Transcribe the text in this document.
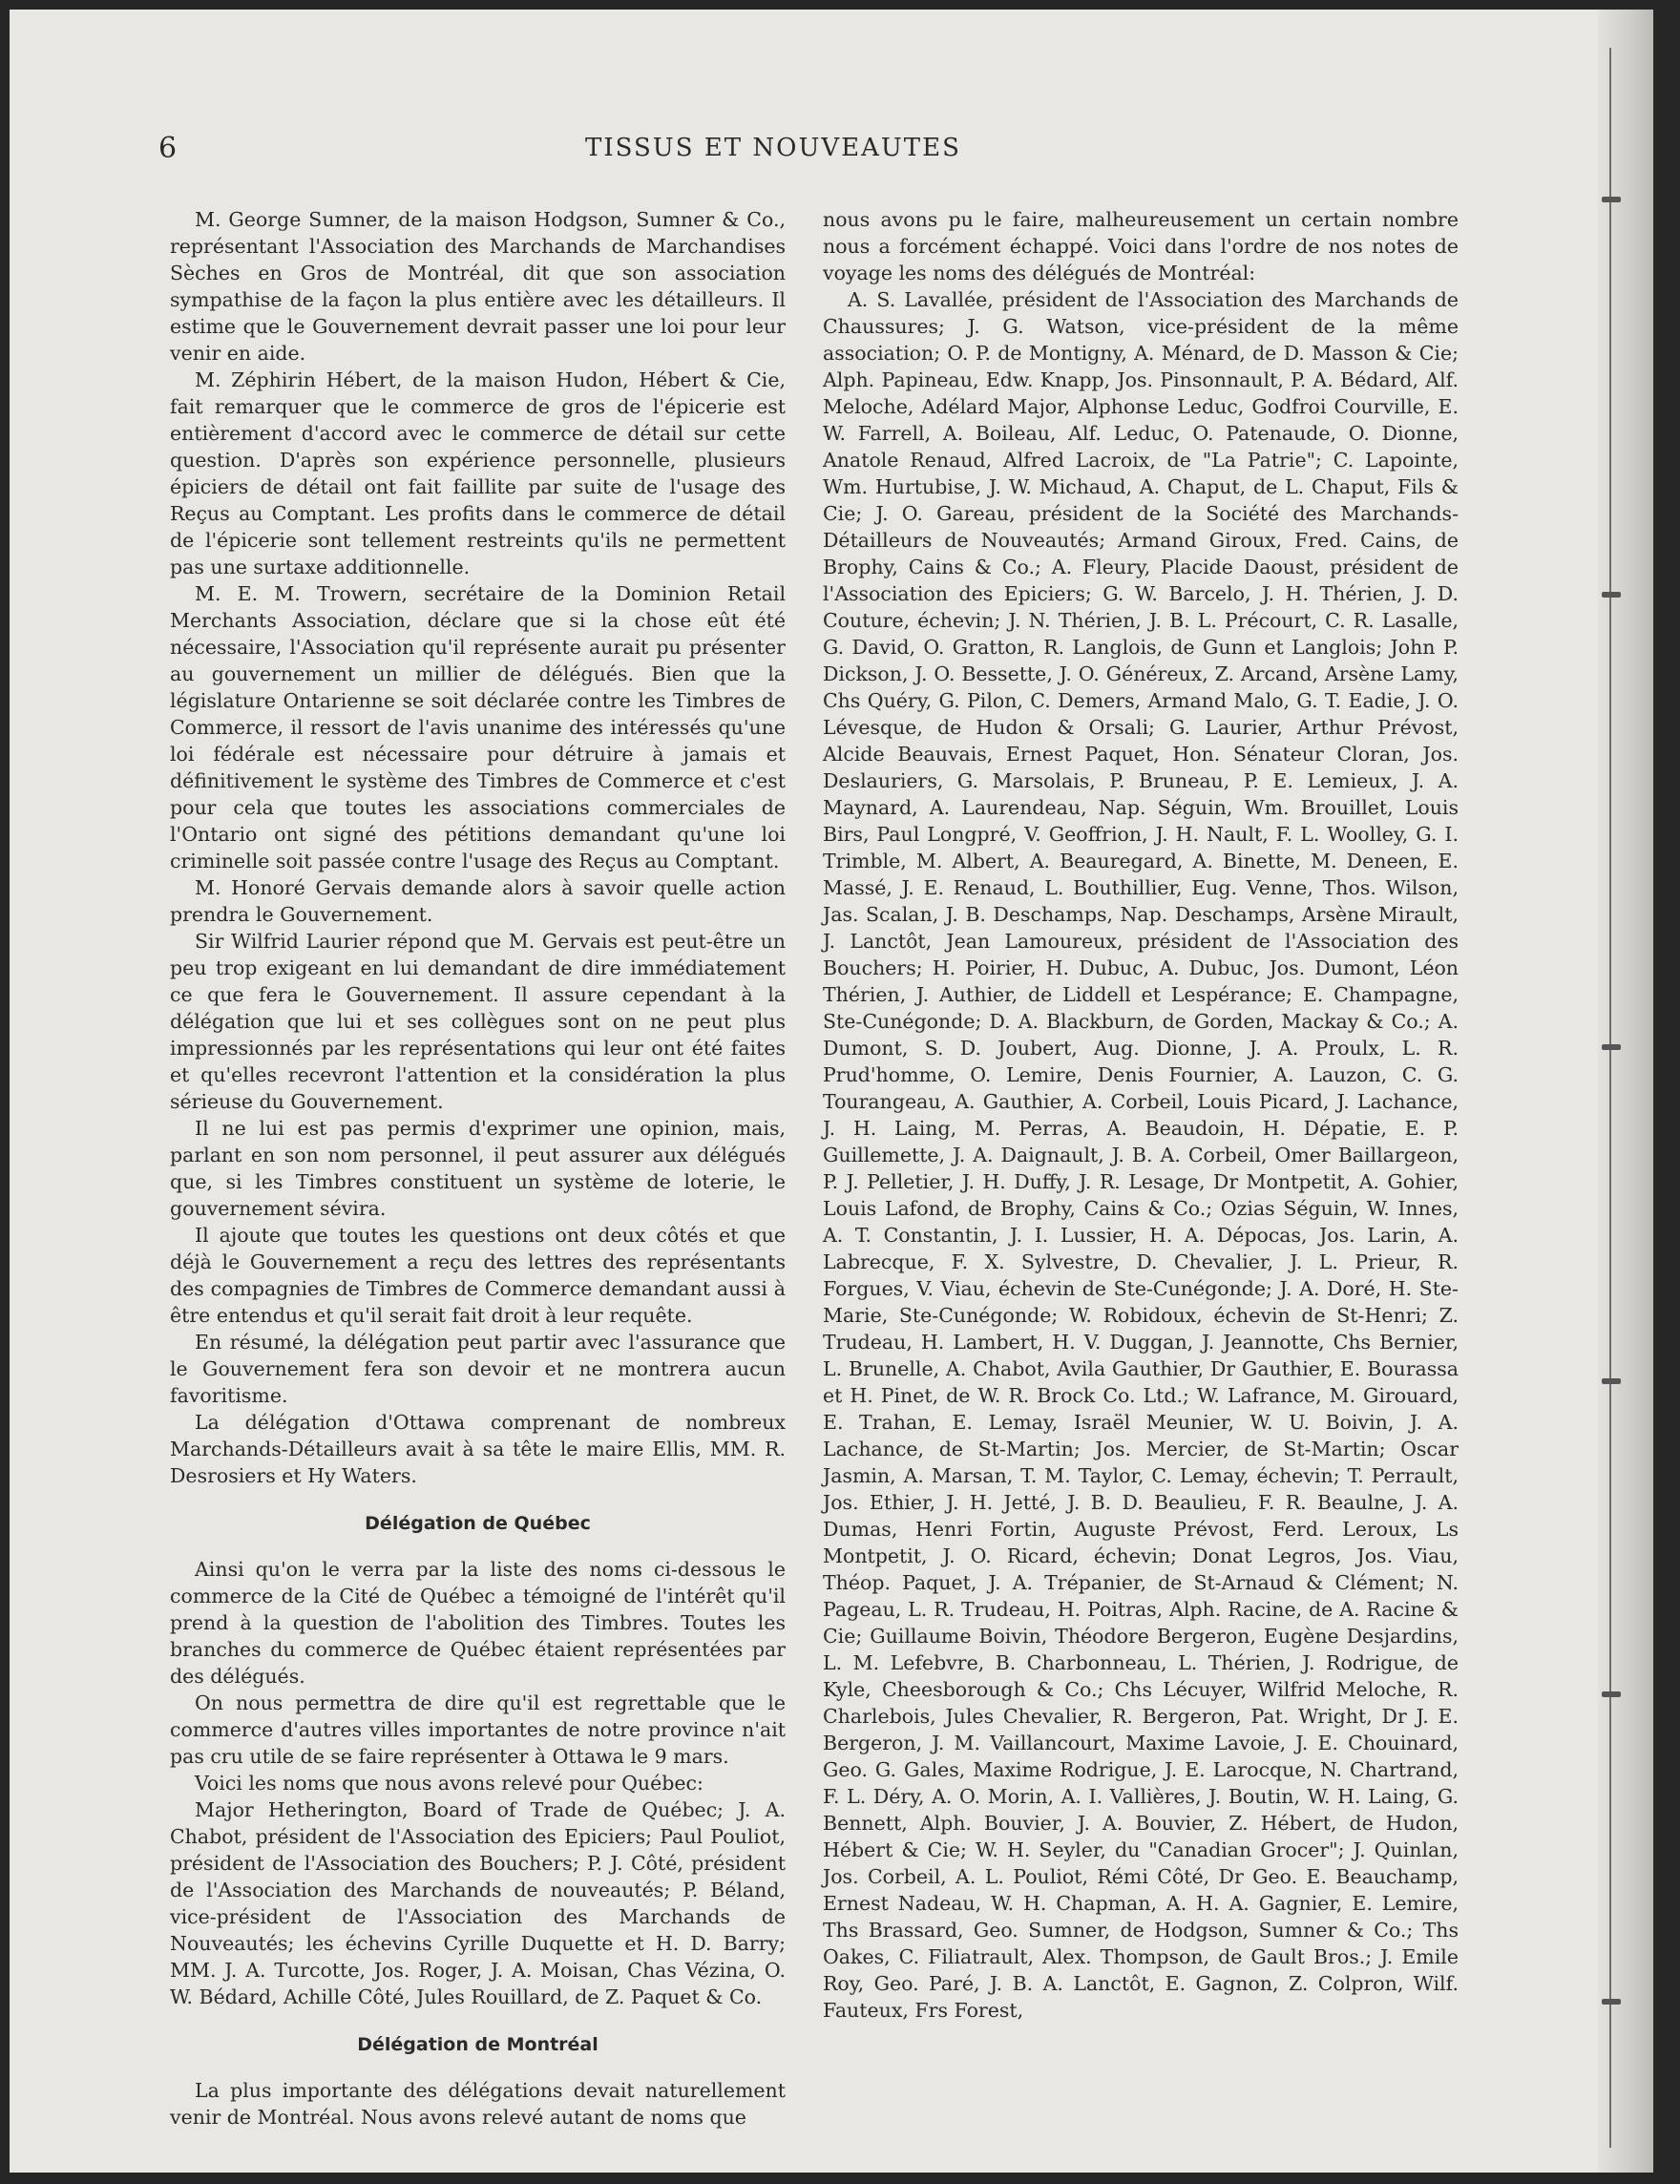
6	TISSUS ET NOUVEAUTES

M. George Sumner, de la maison Hodgson, Sumner & Co., représentant l'Association des Marchands de Marchandises Sèches en Gros de Montréal, dit que son association sympathise de la façon la plus entière avec les détailleurs. Il estime que le Gouvernement devrait passer une loi pour leur venir en aide.

M. Zéphirin Hébert, de la maison Hudon, Hébert & Cie, fait remarquer que le commerce de gros de l'épicerie est entièrement d'accord avec le commerce de détail sur cette question. D'après son expérience personnelle, plusieurs épiciers de détail ont fait faillite par suite de l'usage des Reçus au Comptant. Les profits dans le commerce de détail de l'épicerie sont tellement restreints qu'ils ne permettent pas une surtaxe additionnelle.

M. E. M. Trowern, secrétaire de la Dominion Retail Merchants Association, déclare que si la chose eût été nécessaire, l'Association qu'il représente aurait pu présenter au gouvernement un millier de délégués. Bien que la législature Ontarienne se soit déclarée contre les Timbres de Commerce, il ressort de l'avis unanime des intéressés qu'une loi fédérale est nécessaire pour détruire à jamais et définitivement le système des Timbres de Commerce et c'est pour cela que toutes les associations commerciales de l'Ontario ont signé des pétitions demandant qu'une loi criminelle soit passée contre l'usage des Reçus au Comptant.

M. Honoré Gervais demande alors à savoir quelle action prendra le Gouvernement.

Sir Wilfrid Laurier répond que M. Gervais est peut-être un peu trop exigeant en lui demandant de dire immédiatement ce que fera le Gouvernement. Il assure cependant à la délégation que lui et ses collègues sont on ne peut plus impressionnés par les représentations qui leur ont été faites et qu'elles recevront l'attention et la considération la plus sérieuse du Gouvernement.

Il ne lui est pas permis d'exprimer une opinion, mais, parlant en son nom personnel, il peut assurer aux délégués que, si les Timbres constituent un système de loterie, le gouvernement sévira.

Il ajoute que toutes les questions ont deux côtés et que déjà le Gouvernement a reçu des lettres des représentants des compagnies de Timbres de Commerce demandant aussi à être entendus et qu'il serait fait droit à leur requête.

En résumé, la délégation peut partir avec l'assurance que le Gouvernement fera son devoir et ne montrera aucun favoritisme.

La délégation d'Ottawa comprenant de nombreux Marchands-Détailleurs avait à sa tête le maire Ellis, MM. R. Desrosiers et Hy Waters.

Délégation de Québec

Ainsi qu'on le verra par la liste des noms ci-dessous le commerce de la Cité de Québec a témoigné de l'intérêt qu'il prend à la question de l'abolition des Timbres. Toutes les branches du commerce de Québec étaient représentées par des délégués.

On nous permettra de dire qu'il est regrettable que le commerce d'autres villes importantes de notre province n'ait pas cru utile de se faire représenter à Ottawa le 9 mars.

Voici les noms que nous avons relevé pour Québec:

Major Hetherington, Board of Trade de Québec; J. A. Chabot, président de l'Association des Epiciers; Paul Pouliot, président de l'Association des Bouchers; P. J. Côté, président de l'Association des Marchands de nouveautés; P. Béland, vice-président de l'Association des Marchands de Nouveautés; les échevins Cyrille Duquette et H. D. Barry; MM. J. A. Turcotte, Jos. Roger, J. A. Moisan, Chas Vézina, O. W. Bédard, Achille Côté, Jules Rouillard, de Z. Paquet & Co.

Délégation de Montréal

La plus importante des délégations devait naturellement venir de Montréal. Nous avons relevé autant de noms que

nous avons pu le faire, malheureusement un certain nombre nous a forcément échappé. Voici dans l'ordre de nos notes de voyage les noms des délégués de Montréal:

A. S. Lavallée, président de l'Association des Marchands de Chaussures; J. G. Watson, vice-président de la même association; O. P. de Montigny, A. Ménard, de D. Masson & Cie; Alph. Papineau, Edw. Knapp, Jos. Pinsonnault, P. A. Bédard, Alf. Meloche, Adélard Major, Alphonse Leduc, Godfroi Courville, E. W. Farrell, A. Boileau, Alf. Leduc, O. Patenaude, O. Dionne, Anatole Renaud, Alfred Lacroix, de "La Patrie"; C. Lapointe, Wm. Hurtubise, J. W. Michaud, A. Chaput, de L. Chaput, Fils & Cie; J. O. Gareau, président de la Société des Marchands-Détailleurs de Nouveautés; Armand Giroux, Fred. Cains, de Brophy, Cains & Co.; A. Fleury, Placide Daoust, président de l'Association des Epiciers; G. W. Barcelo, J. H. Thérien, J. D. Couture, échevin; J. N. Thérien, J. B. L. Précourt, C. R. Lasalle, G. David, O. Gratton, R. Langlois, de Gunn et Langlois; John P. Dickson, J. O. Bessette, J. O. Généreux, Z. Arcand, Arsène Lamy, Chs Quéry, G. Pilon, C. Demers, Armand Malo, G. T. Eadie, J. O. Lévesque, de Hudon & Orsali; G. Laurier, Arthur Prévost, Alcide Beauvais, Ernest Paquet, Hon. Sénateur Cloran, Jos. Deslauriers, G. Marsolais, P. Bruneau, P. E. Lemieux, J. A. Maynard, A. Laurendeau, Nap. Séguin, Wm. Brouillet, Louis Birs, Paul Longpré, V. Geoffrion, J. H. Nault, F. L. Woolley, G. I. Trimble, M. Albert, A. Beauregard, A. Binette, M. Deneen, E. Massé, J. E. Renaud, L. Bouthillier, Eug. Venne, Thos. Wilson, Jas. Scalan, J. B. Deschamps, Nap. Deschamps, Arsène Mirault, J. Lanctôt, Jean Lamoureux, président de l'Association des Bouchers; H. Poirier, H. Dubuc, A. Dubuc, Jos. Dumont, Léon Thérien, J. Authier, de Liddell et Lespérance; E. Champagne, Ste-Cunégonde; D. A. Blackburn, de Gorden, Mackay & Co.; A. Dumont, S. D. Joubert, Aug. Dionne, J. A. Proulx, L. R. Prud'homme, O. Lemire, Denis Fournier, A. Lauzon, C. G. Tourangeau, A. Gauthier, A. Corbeil, Louis Picard, J. Lachance, J. H. Laing, M. Perras, A. Beaudoin, H. Dépatie, E. P. Guillemette, J. A. Daignault, J. B. A. Corbeil, Omer Baillargeon, P. J. Pelletier, J. H. Duffy, J. R. Lesage, Dr Montpetit, A. Gohier, Louis Lafond, de Brophy, Cains & Co.; Ozias Séguin, W. Innes, A. T. Constantin, J. I. Lussier, H. A. Dépocas, Jos. Larin, A. Labrecque, F. X. Sylvestre, D. Chevalier, J. L. Prieur, R. Forgues, V. Viau, échevin de Ste-Cunégonde; J. A. Doré, H. Ste-Marie, Ste-Cunégonde; W. Robidoux, échevin de St-Henri; Z. Trudeau, H. Lambert, H. V. Duggan, J. Jeannotte, Chs Bernier, L. Brunelle, A. Chabot, Avila Gauthier, Dr Gauthier, E. Bourassa et H. Pinet, de W. R. Brock Co. Ltd.; W. Lafrance, M. Girouard, E. Trahan, E. Lemay, Israël Meunier, W. U. Boivin, J. A. Lachance, de St-Martin; Jos. Mercier, de St-Martin; Oscar Jasmin, A. Marsan, T. M. Taylor, C. Lemay, échevin; T. Perrault, Jos. Ethier, J. H. Jetté, J. B. D. Beaulieu, F. R. Beaulne, J. A. Dumas, Henri Fortin, Auguste Prévost, Ferd. Leroux, Ls Montpetit, J. O. Ricard, échevin; Donat Legros, Jos. Viau, Théop. Paquet, J. A. Trépanier, de St-Arnaud & Clément; N. Pageau, L. R. Trudeau, H. Poitras, Alph. Racine, de A. Racine & Cie; Guillaume Boivin, Théodore Bergeron, Eugène Desjardins, L. M. Lefebvre, B. Charbonneau, L. Thérien, J. Rodrigue, de Kyle, Cheesborough & Co.; Chs Lécuyer, Wilfrid Meloche, R. Charlebois, Jules Chevalier, R. Bergeron, Pat. Wright, Dr J. E. Bergeron, J. M. Vaillancourt, Maxime Lavoie, J. E. Chouinard, Geo. G. Gales, Maxime Rodrigue, J. E. Larocque, N. Chartrand, F. L. Déry, A. O. Morin, A. I. Vallières, J. Boutin, W. H. Laing, G. Bennett, Alph. Bouvier, J. A. Bouvier, Z. Hébert, de Hudon, Hébert & Cie; W. H. Seyler, du "Canadian Grocer"; J. Quinlan, Jos. Corbeil, A. L. Pouliot, Rémi Côté, Dr Geo. E. Beauchamp, Ernest Nadeau, W. H. Chapman, A. H. A. Gagnier, E. Lemire, Ths Brassard, Geo. Sumner, de Hodgson, Sumner & Co.; Ths Oakes, C. Filiatrault, Alex. Thompson, de Gault Bros.; J. Emile Roy, Geo. Paré, J. B. A. Lanctôt, E. Gagnon, Z. Colpron, Wilf. Fauteux, Frs Forest,
